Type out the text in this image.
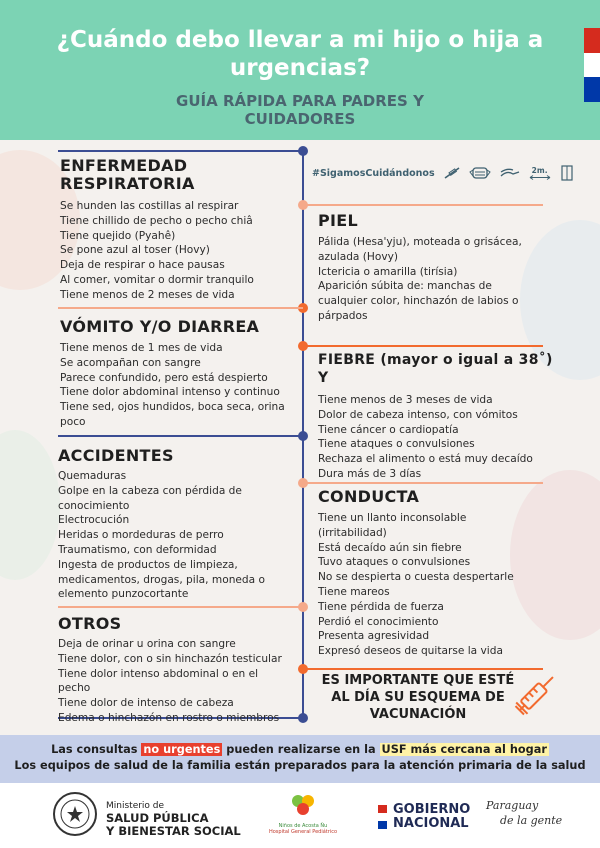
¿Cuándo debo llevar a mi hijo o hija a urgencias?
GUÍA RÁPIDA PARA PADRES Y CUIDADORES
#SigamosCuidándonos	2m.
ENFERMEDAD RESPIRATORIA
Se hunden las costillas al respirar
Tiene chillido de pecho o pecho chiâ
Tiene quejido (Pyahê)
Se pone azul al toser (Hovy)
Deja de respirar o hace pausas
Al comer, vomitar o dormir tranquilo
Tiene menos de 2 meses de vida
VÓMITO Y/O DIARREA
Tiene menos de 1 mes de vida
Se acompañan con sangre
Parece confundido, pero está despierto
Tiene dolor abdominal intenso y continuo
Tiene sed, ojos hundidos, boca seca, orina
poco
ACCIDENTES
Quemaduras
Golpe en la cabeza con pérdida de
conocimiento
Electrocución
Heridas o mordeduras de perro
Traumatismo, con deformidad
Ingesta de productos de limpieza,
medicamentos, drogas, pila, moneda o
elemento punzocortante
OTROS
Deja de orinar u orina con sangre
Tiene dolor, con o sin hinchazón testicular
Tiene dolor intenso abdominal o en el
pecho
Tiene dolor de intenso de cabeza
Edema o hinchazón en rostro o miembros
PIEL
Pálida (Hesa'yju), moteada o grisácea,
azulada (Hovy)
Ictericia o amarilla (tirísia)
Aparición súbita de: manchas de
cualquier color, hinchazón de labios o
párpados
FIEBRE (mayor o igual a 38˚) Y
Tiene menos de 3 meses de vida
Dolor de cabeza intenso, con vómitos
Tiene cáncer o cardiopatía
Tiene ataques o convulsiones
Rechaza el alimento o está muy decaído
Dura más de 3 días
CONDUCTA
Tiene un llanto inconsolable
(irritabilidad)
Está decaído aún sin fiebre
Tuvo ataques o convulsiones
No se despierta o cuesta despertarle
Tiene mareos
Tiene pérdida de fuerza
Perdió el conocimiento
Presenta agresividad
Expresó deseos de quitarse la vida
ES IMPORTANTE QUE ESTÉ AL DÍA SU ESQUEMA DE VACUNACIÓN
Las consultas no urgentes pueden realizarse en la USF más cercana al hogar
Los equipos de salud de la familia están preparados para la atención primaria de la salud
Ministerio de
SALUD PÚBLICA
Y BIENESTAR SOCIAL	Niños de Acosta Ñu
Hospital General Pediátrico
GOBIERNO
NACIONAL
Paraguay
de la gente
